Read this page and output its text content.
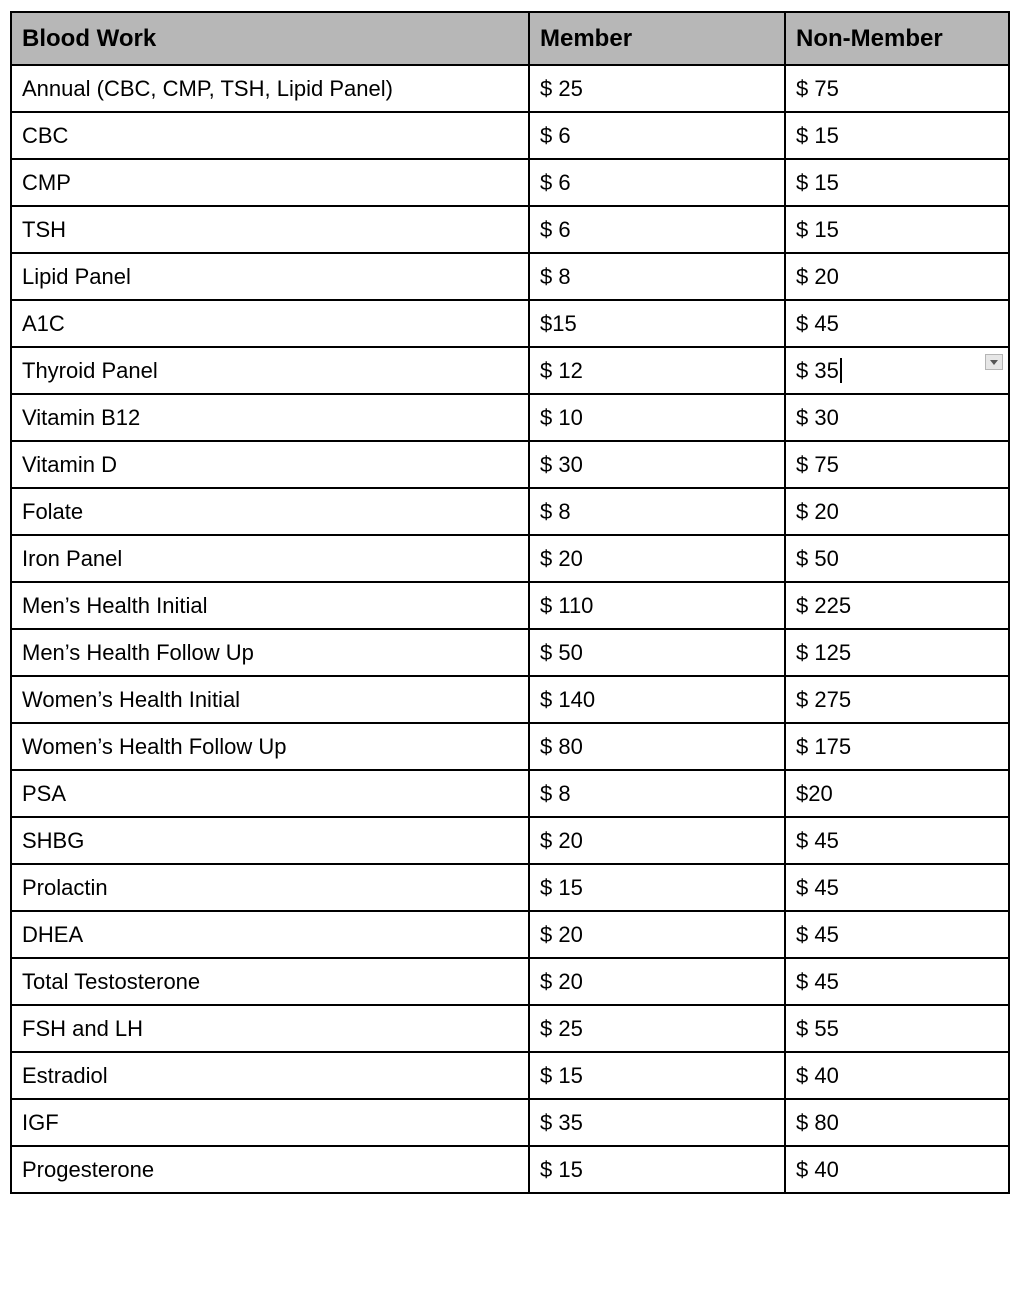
Blood Work	Member	Non-Member
Annual (CBC, CMP, TSH, Lipid Panel)	$ 25	$ 75
CBC	$ 6	$ 15
CMP	$ 6	$ 15
TSH	$ 6	$ 15
Lipid Panel	$ 8	$ 20
A1C	$15	$ 45
Thyroid Panel	$ 12	$ 35

Vitamin B12	$ 10	$ 30
Vitamin D	$ 30	$ 75
Folate	$ 8	$ 20
Iron Panel	$ 20	$ 50
Men’s Health Initial	$ 110	$ 225
Men’s Health Follow Up	$ 50	$ 125
Women’s Health Initial	$ 140	$ 275
Women’s Health Follow Up	$ 80	$ 175
PSA	$ 8	$20
SHBG	$ 20	$ 45
Prolactin	$ 15	$ 45
DHEA	$ 20	$ 45
Total Testosterone	$ 20	$ 45
FSH and LH	$ 25	$ 55
Estradiol	$ 15	$ 40
IGF	$ 35	$ 80
Progesterone	$ 15	$ 40
